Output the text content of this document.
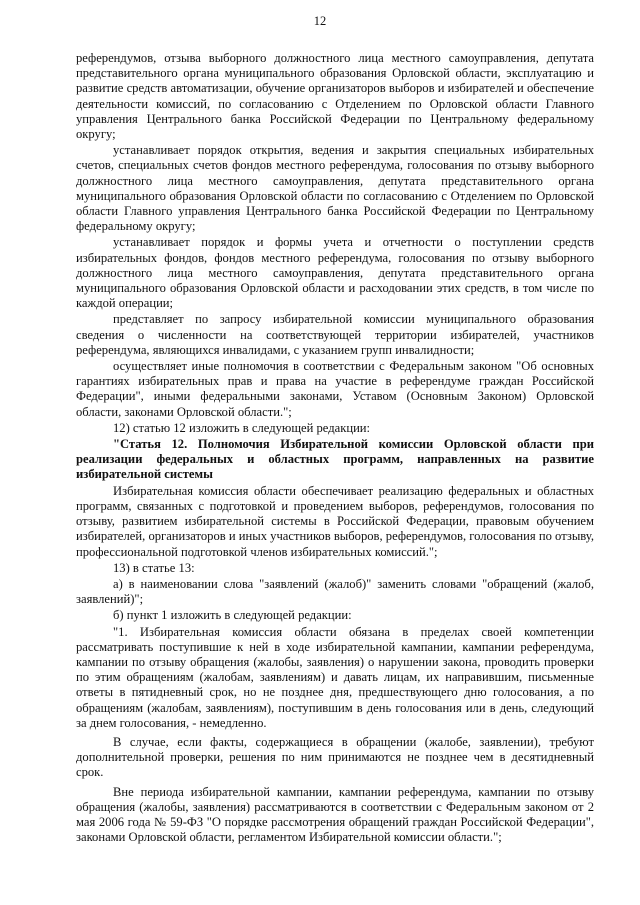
12

референдумов, отзыва выборного должностного лица местного самоуправления, депутата представительного органа муниципального образования Орловской области, эксплуатацию и развитие средств автоматизации, обучение организаторов выборов и избирателей и обеспечение деятельности комиссий, по согласованию с Отделением по Орловской области Главного управления Центрального банка Российской Федерации по Центральному федеральному округу;

устанавливает порядок открытия, ведения и закрытия специальных избирательных счетов, специальных счетов фондов местного референдума, голосования по отзыву выборного должностного лица местного самоуправления, депутата представительного органа муниципального образования Орловской области по согласованию с Отделением по Орловской области Главного управления Центрального банка Российской Федерации по Центральному федеральному округу;

устанавливает порядок и формы учета и отчетности о поступлении средств избирательных фондов, фондов местного референдума, голосования по отзыву выборного должностного лица местного самоуправления, депутата представительного органа муниципального образования Орловской области и расходовании этих средств, в том числе по каждой операции;

представляет по запросу избирательной комиссии муниципального образования сведения о численности на соответствующей территории избирателей, участников референдума, являющихся инвалидами, с указанием групп инвалидности;

осуществляет иные полномочия в соответствии с Федеральным законом "Об основных гарантиях избирательных прав и права на участие в референдуме граждан Российской Федерации", иными федеральными законами, Уставом (Основным Законом) Орловской области, законами Орловской области.";

12) статью 12 изложить в следующей редакции:

"Статья 12. Полномочия Избирательной комиссии Орловской области при реализации федеральных и областных программ, направленных на развитие избирательной системы

Избирательная комиссия области обеспечивает реализацию федеральных и областных программ, связанных с подготовкой и проведением выборов, референдумов, голосования по отзыву, развитием избирательной системы в Российской Федерации, правовым обучением избирателей, организаторов и иных участников выборов, референдумов, голосования по отзыву, профессиональной подготовкой членов избирательных комиссий.";

13) в статье 13:

а) в наименовании слова "заявлений (жалоб)" заменить словами "обращений (жалоб, заявлений)";

б) пункт 1 изложить в следующей редакции:

"1. Избирательная комиссия области обязана в пределах своей компетенции рассматривать поступившие к ней в ходе избирательной кампании, кампании референдума, кампании по отзыву обращения (жалобы, заявления) о нарушении закона, проводить проверки по этим обращениям (жалобам, заявлениям) и давать лицам, их направившим, письменные ответы в пятидневный срок, но не позднее дня, предшествующего дню голосования, а по обращениям (жалобам, заявлениям), поступившим в день голосования или в день, следующий за днем голосования, - немедленно.

В случае, если факты, содержащиеся в обращении (жалобе, заявлении), требуют дополнительной проверки, решения по ним принимаются не позднее чем в десятидневный срок.

Вне периода избирательной кампании, кампании референдума, кампании по отзыву обращения (жалобы, заявления) рассматриваются в соответствии с Федеральным законом от 2 мая 2006 года № 59-ФЗ "О порядке рассмотрения обращений граждан Российской Федерации", законами Орловской области, регламентом Избирательной комиссии области.";
